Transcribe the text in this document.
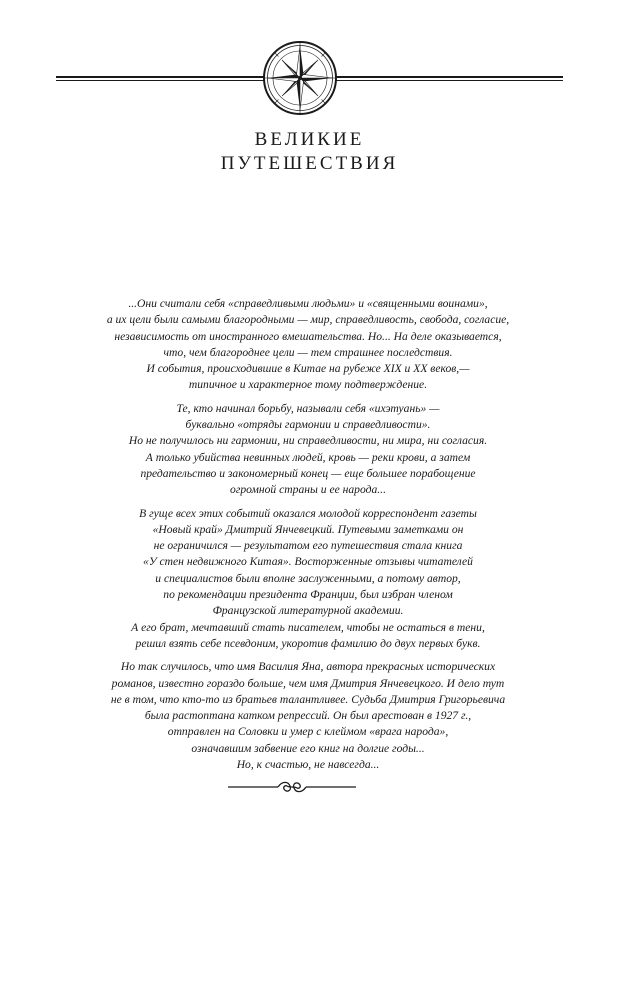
ВЕЛИКИЕ
ПУТЕШЕСТВИЯ
...Они считали себя «справедливыми людьми» и «священными воинами»,
а их цели были самыми благородными — мир, справедливость, свобода, согласие,
независимость от иностранного вмешательства. Но... На деле оказывается,
что, чем благороднее цели — тем страшнее последствия.
И события, происходившие в Китае на рубеже XIX и XX веков,—
типичное и характерное тому подтверждение.
Те, кто начинал борьбу, называли себя «ихэтуань» —
буквально «отряды гармонии и справедливости».
Но не получилось ни гармонии, ни справедливости, ни мира, ни согласия.
А только убийства невинных людей, кровь — реки крови, а затем
предательство и закономерный конец — еще большее порабощение
огромной страны и ее народа...
В гуще всех этих событий оказался молодой корреспондент газеты
«Новый край» Дмитрий Янчевецкий. Путевыми заметками он
не ограничился — результатом его путешествия стала книга
«У стен недвижного Китая». Восторженные отзывы читателей
и специалистов были вполне заслуженными, а потому автор,
по рекомендации президента Франции, был избран членом
Французской литературной академии.
А его брат, мечтавший стать писателем, чтобы не остаться в тени,
решил взять себе псевдоним, укоротив фамилию до двух первых букв.
Но так случилось, что имя Василия Яна, автора прекрасных исторических
романов, известно гораздо больше, чем имя Дмитрия Янчевецкого. И дело тут
не в том, что кто-то из братьев талантливее. Судьба Дмитрия Григорьевича
была растоптана катком репрессий. Он был арестован в 1927 г.,
отправлен на Соловки и умер с клеймом «врага народа»,
означавшим забвение его книг на долгие годы...
Но, к счастью, не навсегда...
